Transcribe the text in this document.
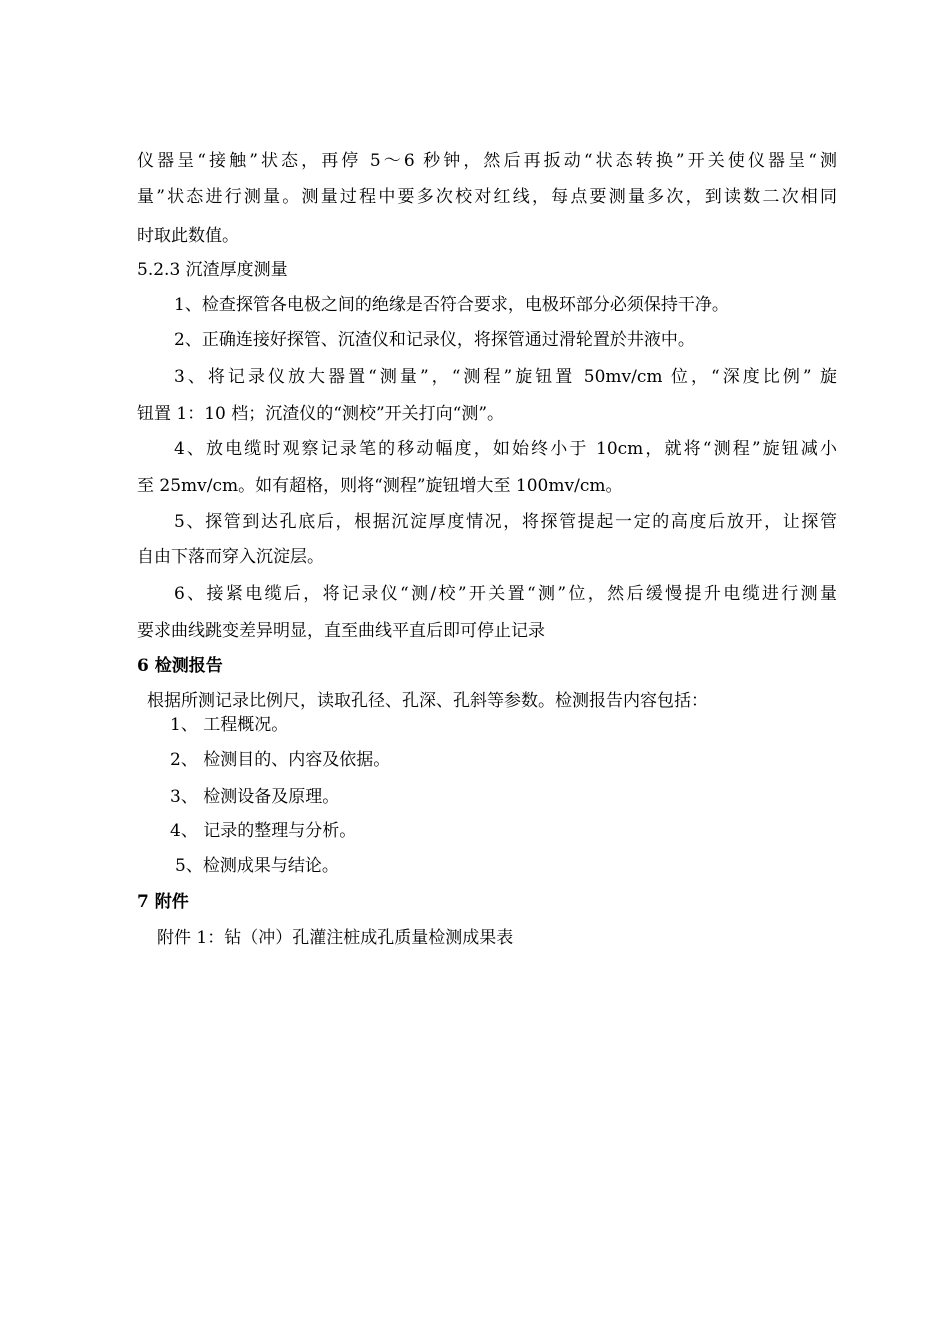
仪器呈“接触”状态，再停 5～6 秒钟，然后再扳动“状态转换”开关使仪器呈“测
量”状态进行测量。测量过程中要多次校对红线，每点要测量多次，到读数二次相同
时取此数值。
5.2.3 沉渣厚度测量
1、检查探管各电极之间的绝缘是否符合要求，电极环部分必须保持干净。
2、正确连接好探管、沉渣仪和记录仪，将探管通过滑轮置於井液中。
3、将记录仪放大器置“测量”，“测程”旋钮置 50mv/cm 位，“深度比例” 旋
钮置 1：10 档；沉渣仪的“测校”开关打向“测”。
4、放电缆时观察记录笔的移动幅度，如始终小于 10cm，就将“测程”旋钮减小
至 25mv/cm。如有超格，则将“测程”旋钮增大至 100mv/cm。
5、探管到达孔底后，根据沉淀厚度情况，将探管提起一定的高度后放开，让探管
自由下落而穿入沉淀层。
6、接紧电缆后，将记录仪“测/校”开关置“测”位，然后缓慢提升电缆进行测量
要求曲线跳变差异明显，直至曲线平直后即可停止记录
6 检测报告
根据所测记录比例尺，读取孔径、孔深、孔斜等参数。检测报告内容包括：
1、 工程概况。
2、 检测目的、内容及依据。
3、 检测设备及原理。
4、 记录的整理与分析。
5、检测成果与结论。
7 附件
附件 1：钻（冲）孔灌注桩成孔质量检测成果表
